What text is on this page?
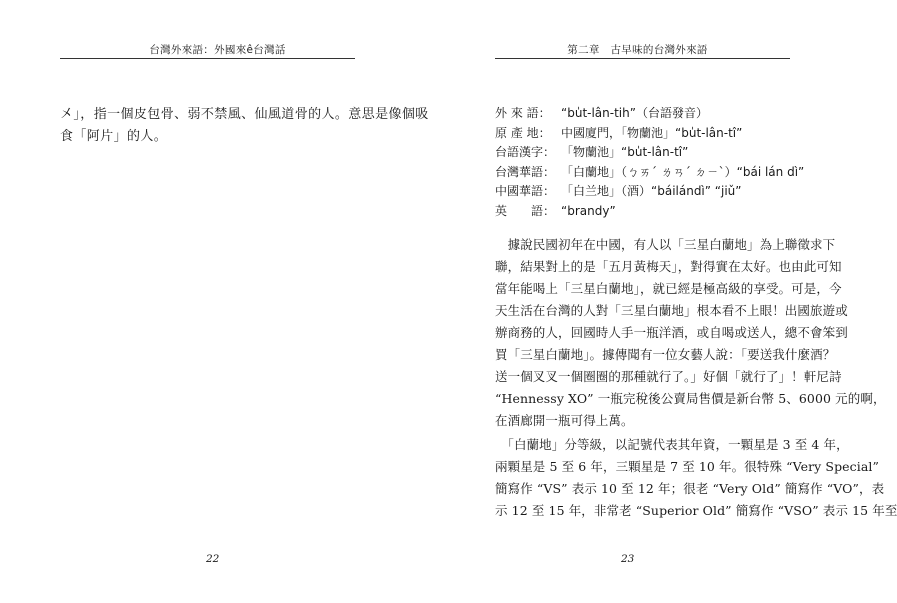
台灣外來語：外國來ê台灣話

㐅」，指一個皮包骨、弱不禁風、仙風道骨的人。意思是像個吸

食「阿片」的人。

22
第二章　古早味的台灣外來語
外 來 語： “bu̍t-lân-tih”（台語發音）
原 產 地： 中國廈門，「物蘭池」“bu̍t-lân-tî”
台語漢字： 「物蘭池」“bu̍t-lân-tî”
台灣華語： 「白蘭地」（ㄅㄞˊ ㄌㄢˊ ㄉㄧˋ）“bái lán dì”
中國華語： 「白兰地」（酒）“báilándì” “jiǔ”
英　　語： “brandy”
　據說民國初年在中國，有人以「三星白蘭地」為上聯徵求下
聯，結果對上的是「五月黃梅天」，對得實在太好。也由此可知
當年能喝上「三星白蘭地」，就已經是極高級的享受。可是，今
天生活在台灣的人對「三星白蘭地」根本看不上眼！出國旅遊或
辦商務的人，回國時人手一瓶洋酒，或自喝或送人，總不會笨到
買「三星白蘭地」。據傳聞有一位女藝人說：「要送我什麼酒？
送一個叉叉一個圈圈的那種就行了。」好個「就行了」！軒尼詩
“Hennessy XO” 一瓶完稅後公賣局售價是新台幣 5、6000 元的啊，
在酒廊開一瓶可得上萬。
　「白蘭地」分等級，以記號代表其年資，一顆星是 3 至 4 年，
兩顆星是 5 至 6 年，三顆星是 7 至 10 年。很特殊 “Very Special”
簡寫作 “VS” 表示 10 至 12 年；很老 “Very Old” 簡寫作 “VO”，表
示 12 至 15 年，非常老 “Superior Old” 簡寫作 “VSO” 表示 15 年至
23
